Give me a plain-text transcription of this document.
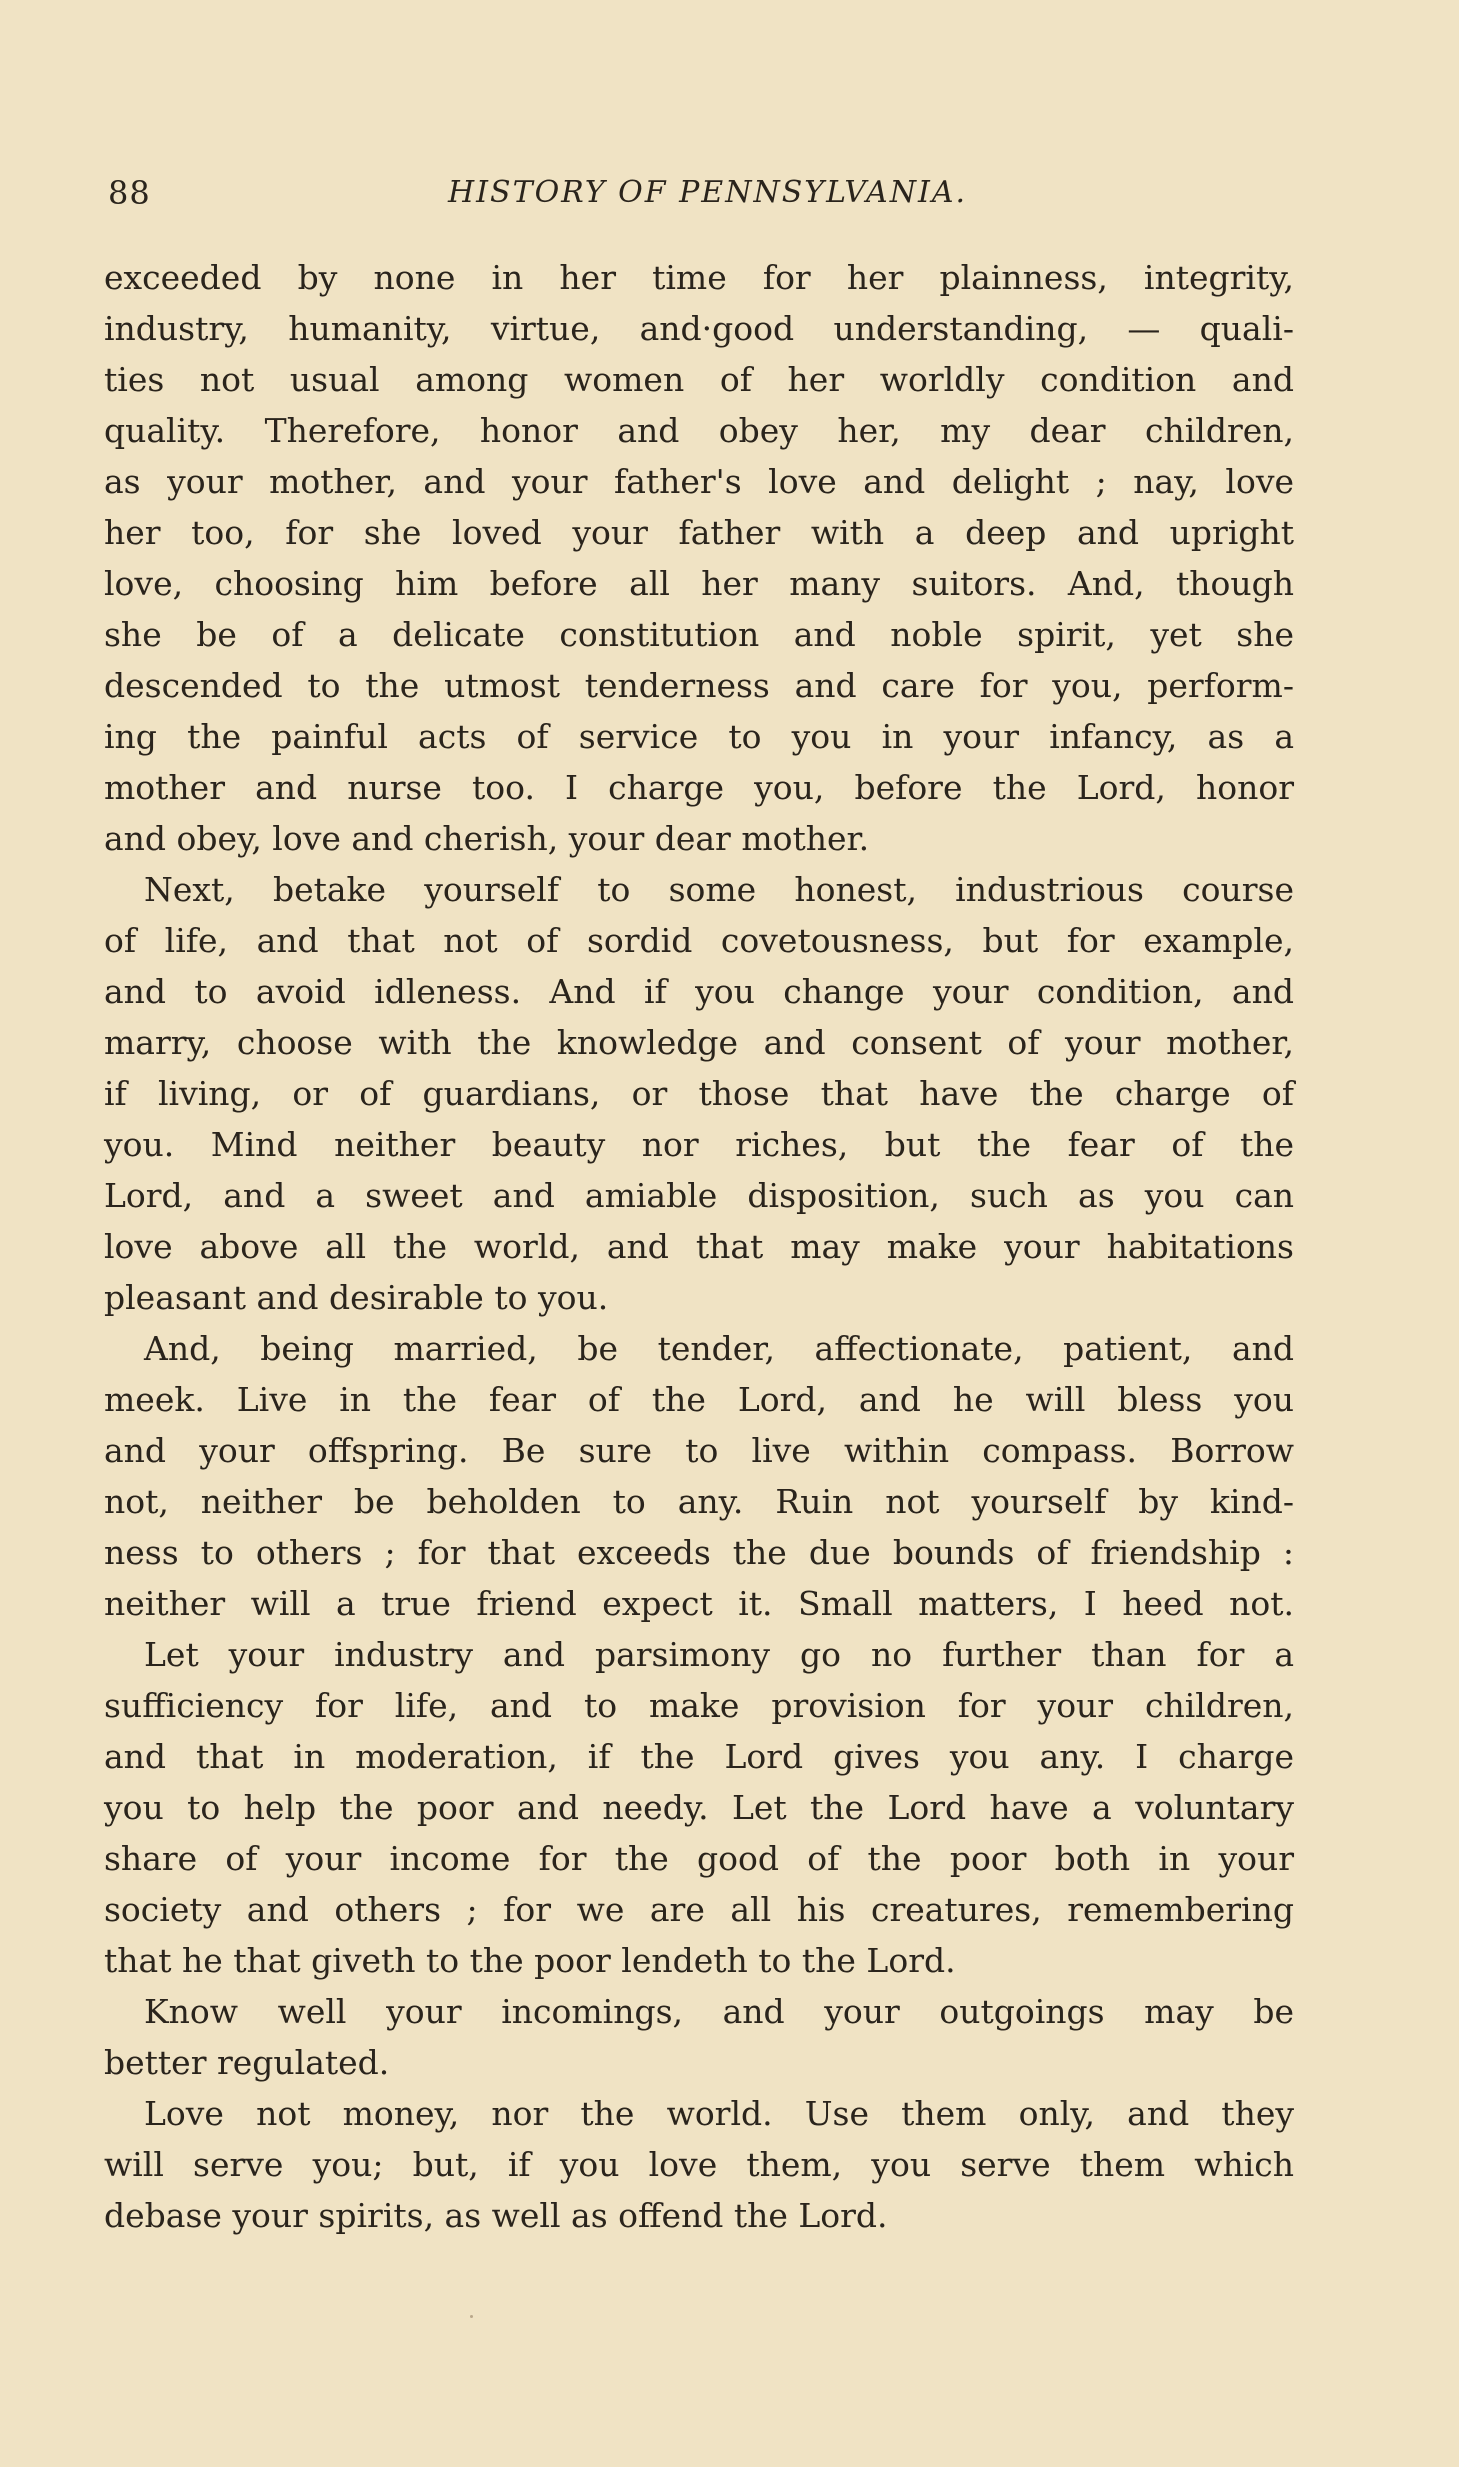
88	HISTORY OF PENNSYLVANIA.
exceeded by none in her time for her plainness, integrity,
industry, humanity, virtue, and·good understanding, — quali-
ties not usual among women of her worldly condition and
quality. Therefore, honor and obey her, my dear children,
as your mother, and your father's love and delight ; nay, love
her too, for she loved your father with a deep and upright
love, choosing him before all her many suitors. And, though
she be of a delicate constitution and noble spirit, yet she
descended to the utmost tenderness and care for you, perform-
ing the painful acts of service to you in your infancy, as a
mother and nurse too. I charge you, before the Lord, honor
and obey, love and cherish, your dear mother.
Next, betake yourself to some honest, industrious course
of life, and that not of sordid covetousness, but for example,
and to avoid idleness. And if you change your condition, and
marry, choose with the knowledge and consent of your mother,
if living, or of guardians, or those that have the charge of
you. Mind neither beauty nor riches, but the fear of the
Lord, and a sweet and amiable disposition, such as you can
love above all the world, and that may make your habitations
pleasant and desirable to you.
And, being married, be tender, affectionate, patient, and
meek. Live in the fear of the Lord, and he will bless you
and your offspring. Be sure to live within compass. Borrow
not, neither be beholden to any. Ruin not yourself by kind-
ness to others ; for that exceeds the due bounds of friendship :
neither will a true friend expect it. Small matters, I heed not.
Let your industry and parsimony go no further than for a
sufficiency for life, and to make provision for your children,
and that in moderation, if the Lord gives you any. I charge
you to help the poor and needy. Let the Lord have a voluntary
share of your income for the good of the poor both in your
society and others ; for we are all his creatures, remembering
that he that giveth to the poor lendeth to the Lord.
Know well your incomings, and your outgoings may be
better regulated.
Love not money, nor the world. Use them only, and they
will serve you; but, if you love them, you serve them which
debase your spirits, as well as offend the Lord.
